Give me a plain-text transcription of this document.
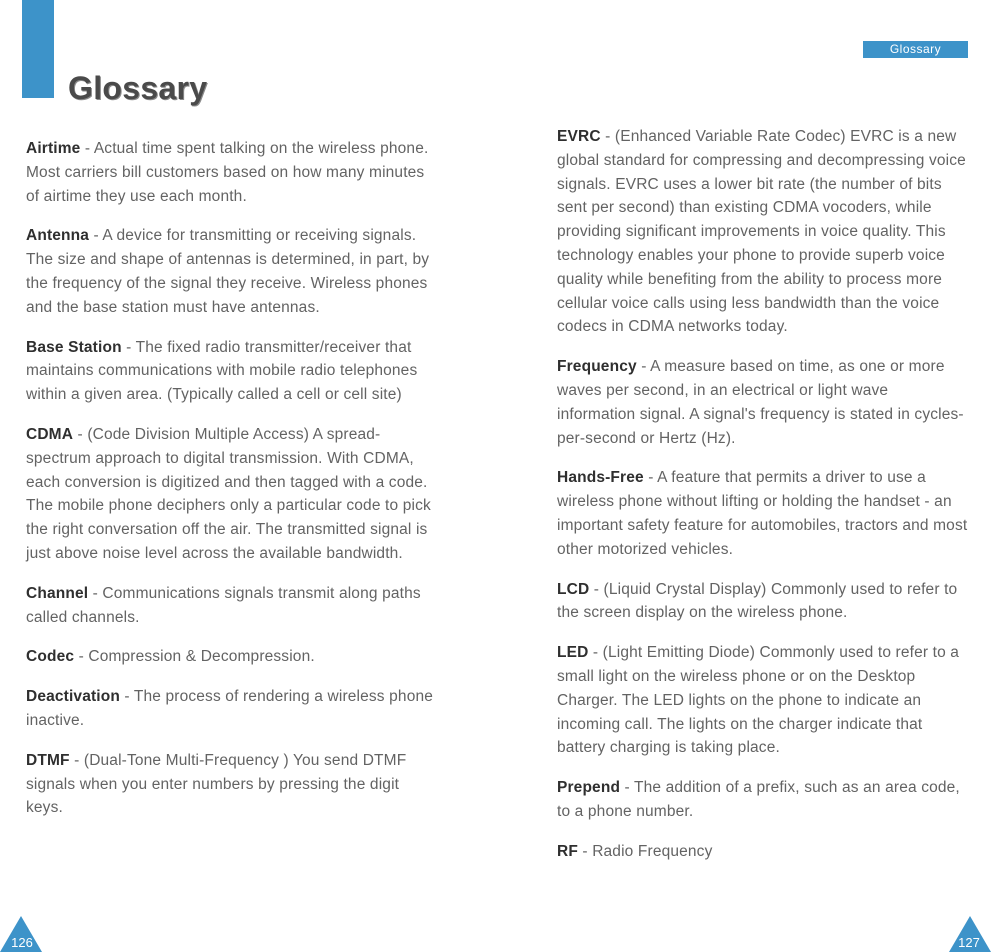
Glossary
Glossary

Airtime - Actual time spent talking on the wireless phone. Most carriers bill customers based on how many minutes of airtime they use each month.

Antenna - A device for transmitting or receiving signals. The size and shape of antennas is determined, in part, by the frequency of the signal they receive. Wireless phones and the base station must have antennas.

Base Station - The fixed radio transmitter/receiver that maintains communications with mobile radio telephones within a given area. (Typically called a cell or cell site)

CDMA - (Code Division Multiple Access) A spread-spectrum approach to digital transmission. With CDMA, each conversion is digitized and then tagged with a code. The mobile phone deciphers only a particular code to pick the right conversation off the air. The transmitted signal is just above noise level across the available bandwidth.

Channel - Communications signals transmit along paths called channels.

Codec - Compression & Decompression.

Deactivation - The process of rendering a wireless phone inactive.

DTMF - (Dual-Tone Multi-Frequency ) You send DTMF signals when you enter numbers by pressing the digit keys.

EVRC - (Enhanced Variable Rate Codec) EVRC is a new global standard for compressing and decompressing voice signals. EVRC uses a lower bit rate (the number of bits sent per second) than existing CDMA vocoders, while providing significant improvements in voice quality. This technology enables your phone to provide superb voice quality while benefiting from the ability to process more cellular voice calls using less bandwidth than the voice codecs in CDMA networks today.

Frequency - A measure based on time, as one or more waves per second, in an electrical or light wave information signal. A signal's frequency is stated in cycles-per-second or Hertz (Hz).

Hands-Free - A feature that permits a driver to use a wireless phone without lifting or holding the handset - an important safety feature for automobiles, tractors and most other motorized vehicles.

LCD - (Liquid Crystal Display) Commonly used to refer to the screen display on the wireless phone.

LED - (Light Emitting Diode) Commonly used to refer to a small light on the wireless phone or on the Desktop Charger. The LED lights on the phone to indicate an incoming call. The lights on the charger indicate that battery charging is taking place.

Prepend - The addition of a prefix, such as an area code, to a phone number.

RF - Radio Frequency

126	127
